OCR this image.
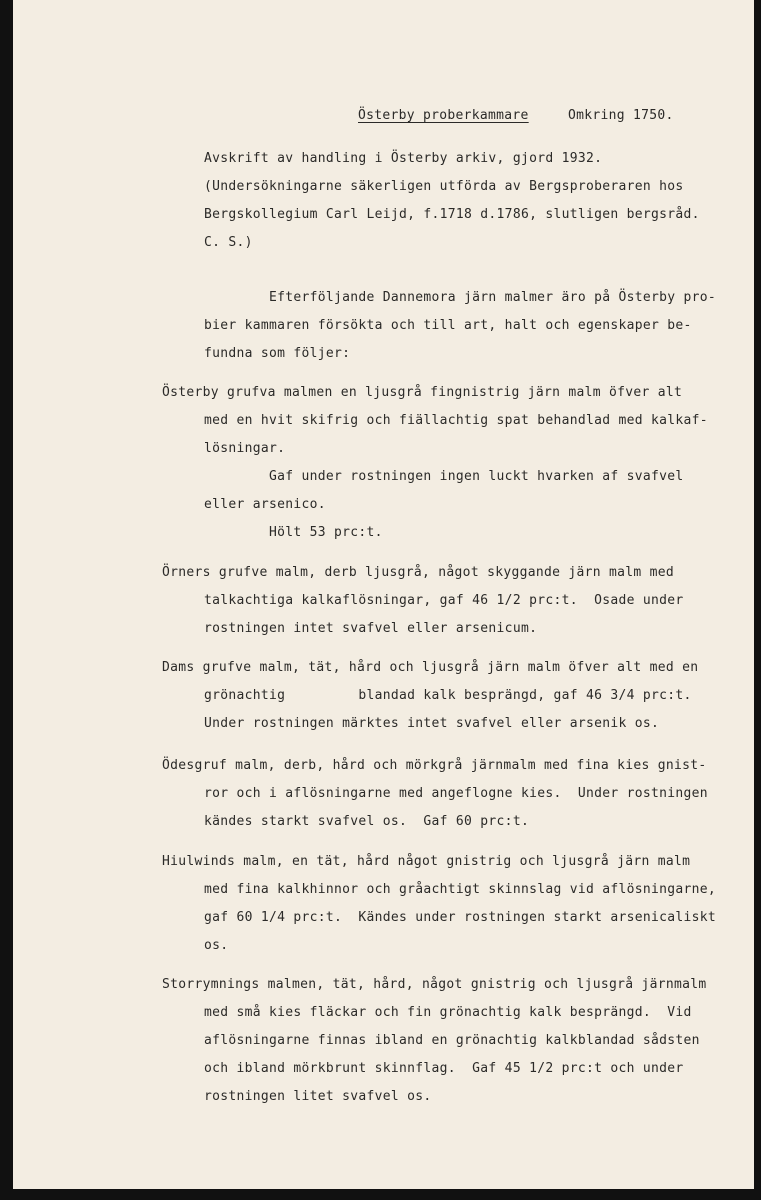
Österby proberkammare	Omkring 1750.
Avskrift av handling i Österby arkiv, gjord 1932.
(Undersökningarne säkerligen utförda av Bergsproberaren hos
Bergskollegium Carl Leijd, f.1718 d.1786, slutligen bergsråd.
C. S.)
Efterföljande Dannemora järn malmer äro på Österby pro-
bier kammaren försökta och till art, halt och egenskaper be-
fundna som följer:
Österby grufva malmen en ljusgrå fingnistrig järn malm öfver alt
med en hvit skifrig och fiällachtig spat behandlad med kalkaf-
lösningar.
Gaf under rostningen ingen luckt hvarken af svafvel
eller arsenico.
Hölt 53 prc:t.
Örners grufve malm, derb ljusgrå, något skyggande järn malm med
talkachtiga kalkaflösningar, gaf 46 1/2 prc:t.  Osade under
rostningen intet svafvel eller arsenicum.
Dams grufve malm, tät, hård och ljusgrå järn malm öfver alt med en
grönachtig         blandad kalk besprängd, gaf 46 3/4 prc:t.
Under rostningen märktes intet svafvel eller arsenik os.
Ödesgruf malm, derb, hård och mörkgrå järnmalm med fina kies gnist-
ror och i aflösningarne med angeflogne kies.  Under rostningen
kändes starkt svafvel os.  Gaf 60 prc:t.
Hiulwinds malm, en tät, hård något gnistrig och ljusgrå järn malm
med fina kalkhinnor och gråachtigt skinnslag vid aflösningarne,
gaf 60 1/4 prc:t.  Kändes under rostningen starkt arsenicaliskt
os.
Storrymnings malmen, tät, hård, något gnistrig och ljusgrå järnmalm
med små kies fläckar och fin grönachtig kalk besprängd.  Vid
aflösningarne finnas ibland en grönachtig kalkblandad sådsten
och ibland mörkbrunt skinnflag.  Gaf 45 1/2 prc:t och under
rostningen litet svafvel os.
